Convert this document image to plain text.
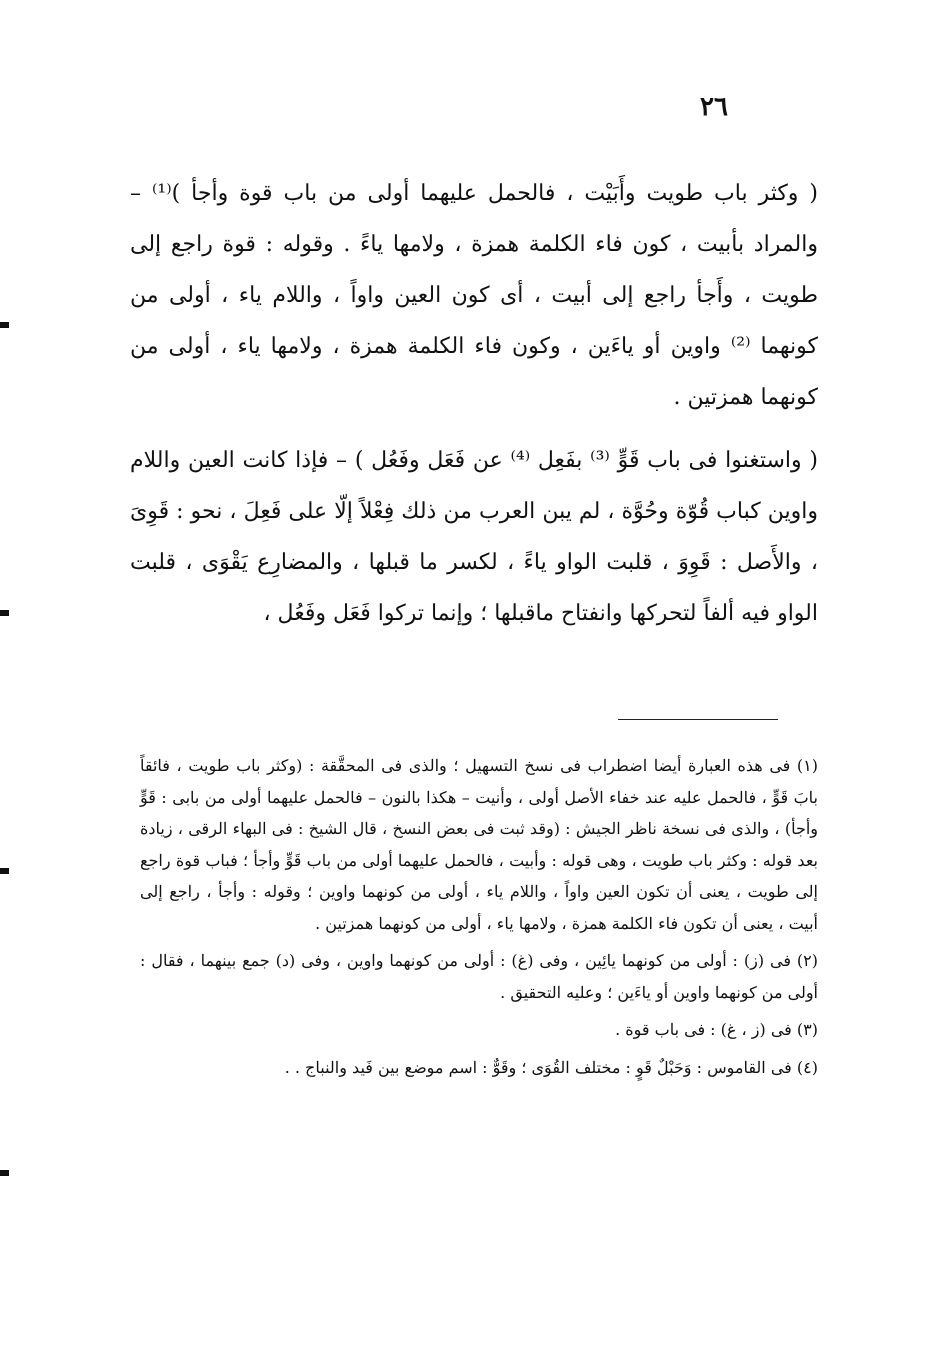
٢٦

( وكثر باب طويت وأَبَيْت ، فالحمل عليهما أولى من باب قوة وأجأ )⁽¹⁾ – والمراد بأبيت ، كون فاء الكلمة همزة ، ولامها ياءً . وقوله : قوة راجع إلى طويت ، وأَجأ راجع إلى أبيت ، أى كون العين واواً ، واللام ياء ، أولى من كونهما ⁽²⁾ واوين أو ياءَين ، وكون فاء الكلمة همزة ، ولامها ياء ، أولى من كونهما همزتين .

( واستغنوا فى باب قَوٍّ ⁽³⁾ بفَعِل ⁽⁴⁾ عن فَعَل وفَعُل ) – فإذا كانت العين واللام واوين كباب قُوّة وحُوَّة ، لم يبن العرب من ذلك فِعْلاً إلّا على فَعِلَ ، نحو : قَوِىَ ، والأَصل : قَوِوَ ، قلبت الواو ياءً ، لكسر ما قبلها ، والمضارِع يَقْوَى ، قلبت الواو فيه ألفاً لتحركها وانفتاح ماقبلها ؛ وإنما تركوا فَعَل وفَعُل ،

(١) فى هذه العبارة أيضا اضطراب فى نسخ التسهيل ؛ والذى فى المحقَّقة : (وكثر باب طويت ، فائقاً بابَ قَوٍّ ، فالحمل عليه عند خفاء الأصل أولى ، وأنيت – هكذا بالنون – فالحمل عليهما أولى من بابى : قَوٍّ وأجأ) ، والذى فى نسخة ناظر الجيش : (وقد ثبت فى بعض النسخ ، قال الشيخ : فى البهاء الرقى ، زيادة بعد قوله : وكثر باب طويت ، وهى قوله : وأبيت ، فالحمل عليهما أولى من باب قَوٍّ وأجأ ؛ فباب قوة راجع إلى طويت ، يعنى أن تكون العين واواً ، واللام ياء ، أولى من كونهما واوين ؛ وقوله : وأجأ ، راجع إلى أبيت ، يعنى أن تكون فاء الكلمة همزة ، ولامها ياء ، أولى من كونهما همزتين .

(٢) فى (ز) : أولى من كونهما يائِين ، وفى (غ) : أولى من كونهما واوين ، وفى (د) جمع بينهما ، فقال : أولى من كونهما واوين أو ياءَين ؛ وعليه التحقيق .

(٣) فى (ز ، غ) : فى باب قوة .

(٤) فى القاموس : وَحَبْلٌ قَوٍ : مختلف القُوَى ؛ وقَوٌّ : اسم موضع بين فَيد والنباج . .
